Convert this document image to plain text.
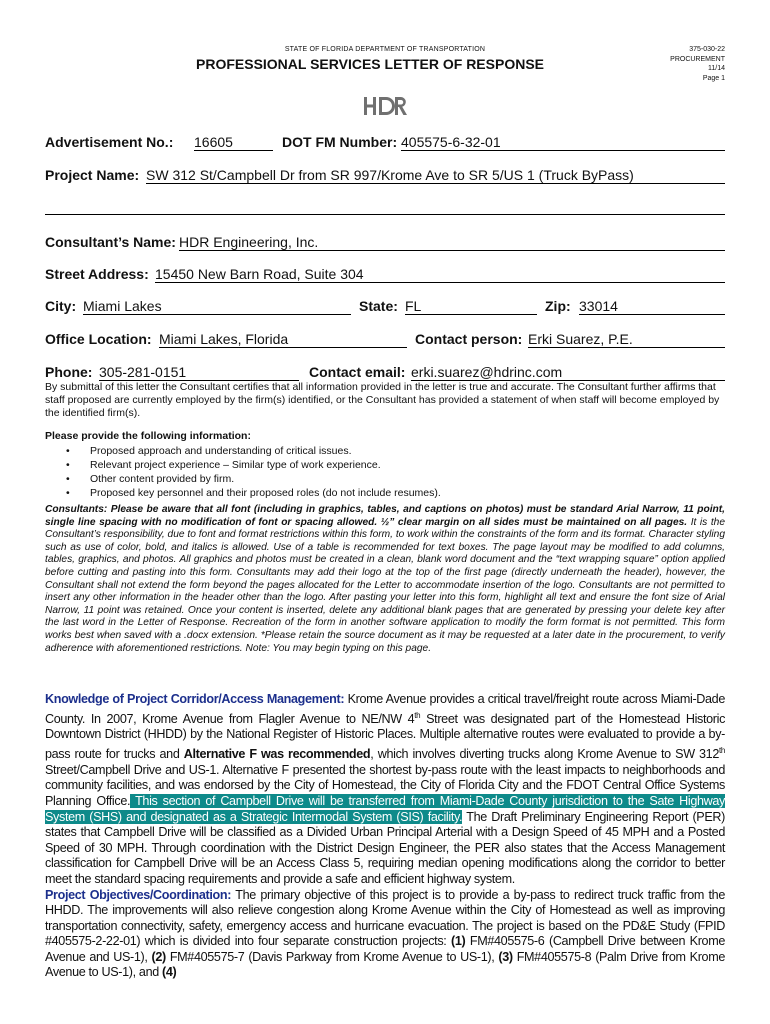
STATE OF FLORIDA DEPARTMENT OF TRANSPORTATION
PROFESSIONAL SERVICES LETTER OF RESPONSE
375-030-22
PROCUREMENT
11/14
Page 1
Advertisement No.: 16605	DOT FM Number: 405575-6-32-01
Project Name: SW 312 St/Campbell Dr from SR 997/Krome Ave to SR 5/US 1 (Truck ByPass)
Consultant’s Name: HDR Engineering, Inc.
Street Address: 15450 New Barn Road, Suite 304
City: Miami Lakes	State: FL	Zip: 33014
Office Location: Miami Lakes, Florida	Contact person: Erki Suarez, P.E.
Phone: 305-281-0151	Contact email: erki.suarez@hdrinc.com

By submittal of this letter the Consultant certifies that all information provided in the letter is true and accurate. The Consultant further affirms that staff proposed are currently employed by the firm(s) identified, or the Consultant has provided a statement of when staff will become employed by the identified firm(s).

Please provide the following information:
• Proposed approach and understanding of critical issues.
• Relevant project experience – Similar type of work experience.
• Other content provided by firm.
• Proposed key personnel and their proposed roles (do not include resumes).

Consultants: Please be aware that all font (including in graphics, tables, and captions on photos) must be standard Arial Narrow, 11 point, single line spacing with no modification of font or spacing allowed. ½” clear margin on all sides must be maintained on all pages. It is the Consultant’s responsibility, due to font and format restrictions within this form, to work within the constraints of the form and its format. Character styling such as use of color, bold, and italics is allowed. Use of a table is recommended for text boxes. The page layout may be modified to add columns, tables, graphics, and photos. All graphics and photos must be created in a clean, blank word document and the “text wrapping square” option applied before cutting and pasting into this form. Consultants may add their logo at the top of the first page (directly underneath the header), however, the Consultant shall not extend the form beyond the pages allocated for the Letter to accommodate insertion of the logo. Consultants are not permitted to insert any other information in the header other than the logo. After pasting your letter into this form, highlight all text and ensure the font size of Arial Narrow, 11 point was retained. Once your content is inserted, delete any additional blank pages that are generated by pressing your delete key after the last word in the Letter of Response. Recreation of the form in another software application to modify the form format is not permitted. This form works best when saved with a .docx extension. *Please retain the source document as it may be requested at a later date in the procurement, to verify adherence with aforementioned restrictions. Note: You may begin typing on this page.

Knowledge of Project Corridor/Access Management: Krome Avenue provides a critical travel/freight route across Miami-Dade County. In 2007, Krome Avenue from Flagler Avenue to NE/NW 4th Street was designated part of the Homestead Historic Downtown District (HHDD) by the National Register of Historic Places. Multiple alternative routes were evaluated to provide a by-pass route for trucks and Alternative F was recommended, which involves diverting trucks along Krome Avenue to SW 312th Street/Campbell Drive and US-1. Alternative F presented the shortest by-pass route with the least impacts to neighborhoods and community facilities, and was endorsed by the City of Homestead, the City of Florida City and the FDOT Central Office Systems Planning Office. This section of Campbell Drive will be transferred from Miami-Dade County jurisdiction to the Sate Highway System (SHS) and designated as a Strategic Intermodal System (SIS) facility. The Draft Preliminary Engineering Report (PER) states that Campbell Drive will be classified as a Divided Urban Principal Arterial with a Design Speed of 45 MPH and a Posted Speed of 30 MPH. Through coordination with the District Design Engineer, the PER also states that the Access Management classification for Campbell Drive will be an Access Class 5, requiring median opening modifications along the corridor to better meet the standard spacing requirements and provide a safe and efficient highway system.

Project Objectives/Coordination: The primary objective of this project is to provide a by-pass to redirect truck traffic from the HHDD. The improvements will also relieve congestion along Krome Avenue within the City of Homestead as well as improving transportation connectivity, safety, emergency access and hurricane evacuation. The project is based on the PD&E Study (FPID #405575-2-22-01) which is divided into four separate construction projects: (1) FM#405575-6 (Campbell Drive between Krome Avenue and US-1), (2) FM#405575-7 (Davis Parkway from Krome Avenue to US-1), (3) FM#405575-8 (Palm Drive from Krome Avenue to US-1), and (4)
